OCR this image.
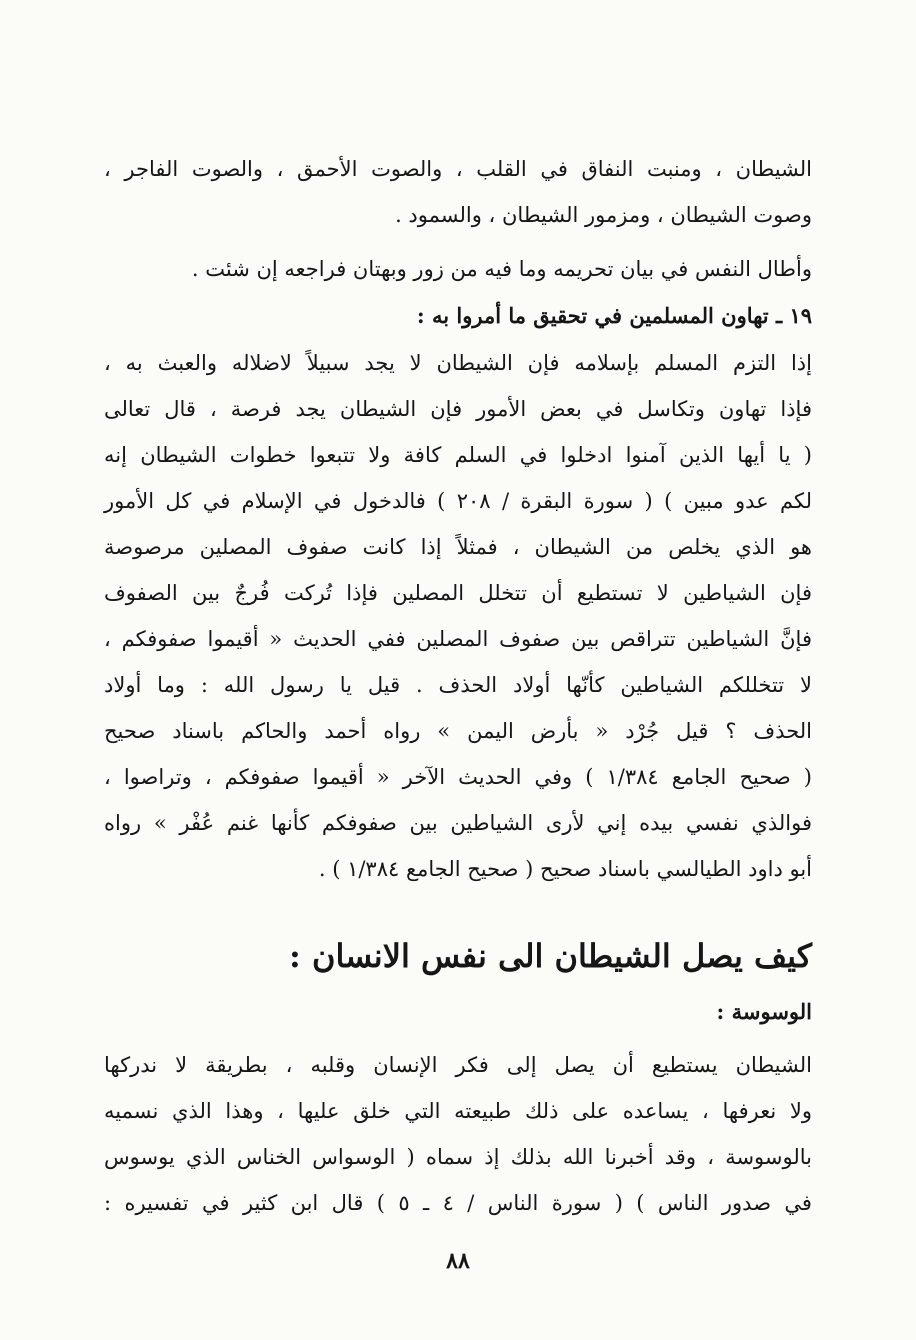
الشيطان ، ومنبت النفاق في القلب ، والصوت الأحمق ، والصوت الفاجر ،
وصوت الشيطان ، ومزمور الشيطان ، والسمود .
وأطال النفس في بيان تحريمه وما فيه من زور وبهتان فراجعه إن شئت .
١٩ ـ تهاون المسلمين في تحقيق ما أمروا به :
إذا التزم المسلم بإسلامه فإن الشيطان لا يجد سبيلاً لاضلاله والعبث به ،
فإذا تهاون وتكاسل في بعض الأمور فإن الشيطان يجد فرصة ، قال تعالى
( يا أيها الذين آمنوا ادخلوا في السلم كافة ولا تتبعوا خطوات الشيطان إنه
لكم عدو مبين ) ( سورة البقرة / ٢٠٨ ) فالدخول في الإسلام في كل الأمور
هو الذي يخلص من الشيطان ، فمثلاً إذا كانت صفوف المصلين مرصوصة
فإن الشياطين لا تستطيع أن تتخلل المصلين فإذا تُركت فُرجٌ بين الصفوف
فإنَّ الشياطين تتراقص بين صفوف المصلين ففي الحديث « أقيموا صفوفكم ،
لا تتخللكم الشياطين كأنّها أولاد الحذف . قيل يا رسول الله : وما أولاد
الحذف ؟ قيل جُرْد « بأرض اليمن » رواه أحمد والحاكم باسناد صحيح
( صحيح الجامع ١/٣٨٤ ) وفي الحديث الآخر « أقيموا صفوفكم ، وتراصوا ،
فوالذي نفسي بيده إني لأرى الشياطين بين صفوفكم كأنها غنم عُفْر » رواه
أبو داود الطيالسي باسناد صحيح ( صحيح الجامع ١/٣٨٤ ) .
كيف يصل الشيطان الى نفس الانسان :
الوسوسة :
الشيطان يستطيع أن يصل إلى فكر الإنسان وقلبه ، بطريقة لا ندركها
ولا نعرفها ، يساعده على ذلك طبيعته التي خلق عليها ، وهذا الذي نسميه
بالوسوسة ، وقد أخبرنا الله بذلك إذ سماه ( الوسواس الخناس الذي يوسوس
في صدور الناس ) ( سورة الناس / ٤ ـ ٥ ) قال ابن كثير في تفسيره :
٨٨
